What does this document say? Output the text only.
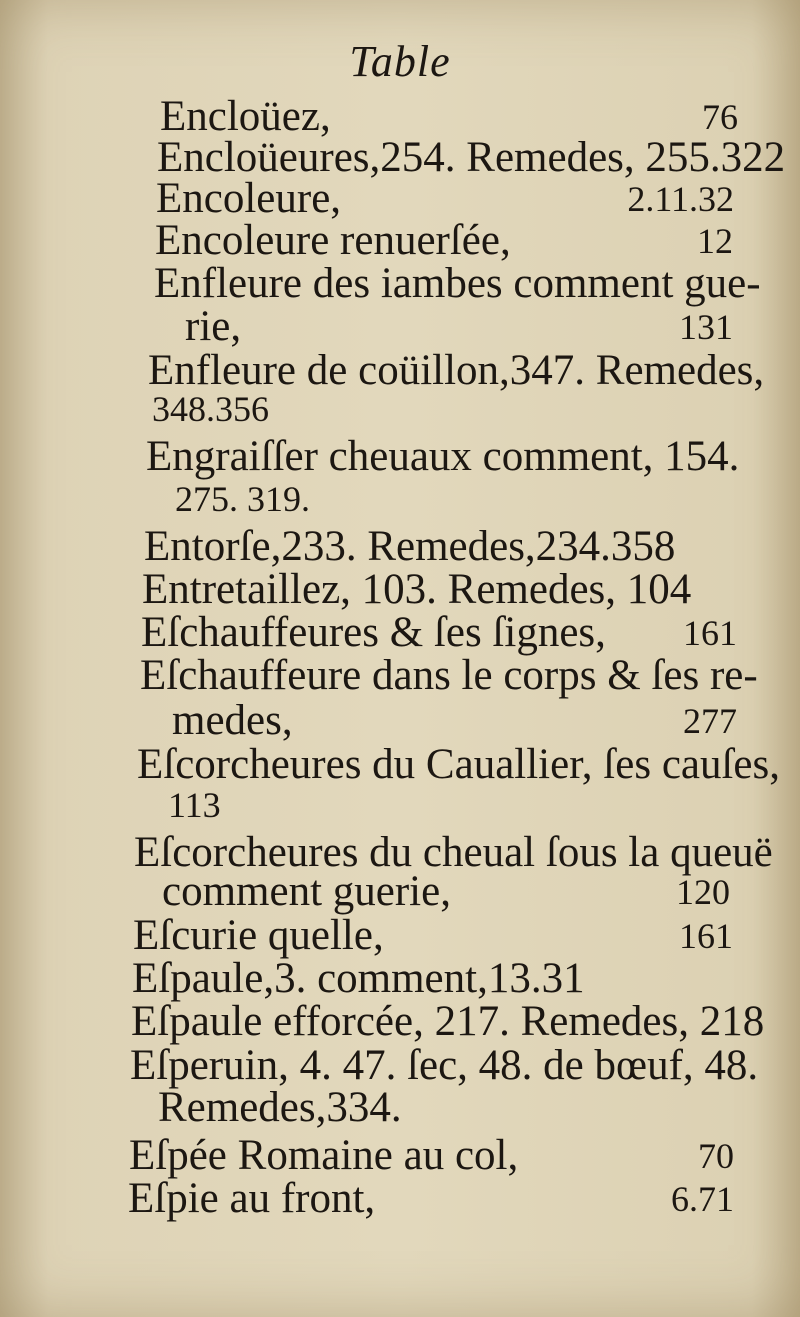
Table
Encloüez,	76
Encloüeures,254. Remedes, 255.322
Encoleure,	2.11.32
Encoleure renuerſée,	12
Enfleure des iambes comment gue-
rie,	131
Enfleure de coüillon,347. Remedes,
348.356
Engraiſſer cheuaux comment, 154.
275. 319.
Entorſe,233. Remedes,234.358
Entretaillez, 103. Remedes, 104
Eſchauffeures & ſes ſignes, 161
Eſchauffeure dans le corps & ſes re-
medes,	277
Eſcorcheures du Cauallier, ſes cauſes,
113
Eſcorcheures du cheual ſous la queuë
comment guerie,	120
Eſcurie quelle,	161
Eſpaule,3. comment,13.31
Eſpaule efforcée, 217. Remedes, 218
Eſperuin, 4. 47. ſec, 48. de bœuf, 48.
Remedes,334.
Eſpée Romaine au col,	70
Eſpie au front,	6.71
